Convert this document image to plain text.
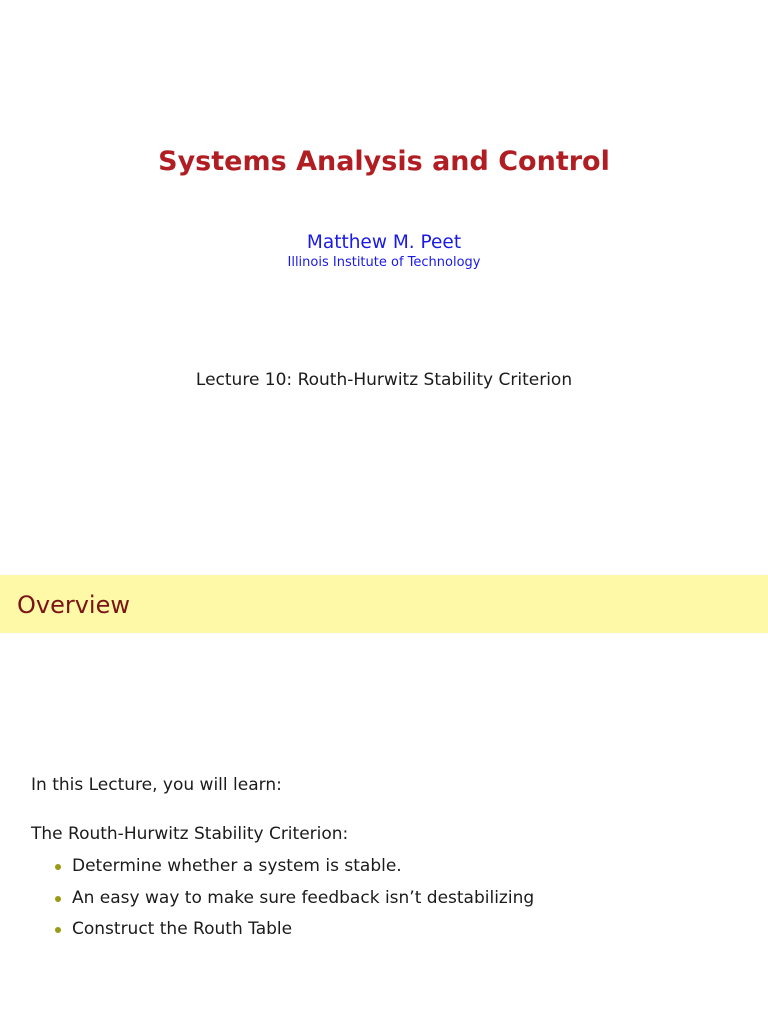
Systems Analysis and Control
Matthew M. Peet
Illinois Institute of Technology
Lecture 10: Routh-Hurwitz Stability Criterion
Overview
In this Lecture, you will learn:
The Routh-Hurwitz Stability Criterion:
Determine whether a system is stable.
An easy way to make sure feedback isn’t destabilizing
Construct the Routh Table
